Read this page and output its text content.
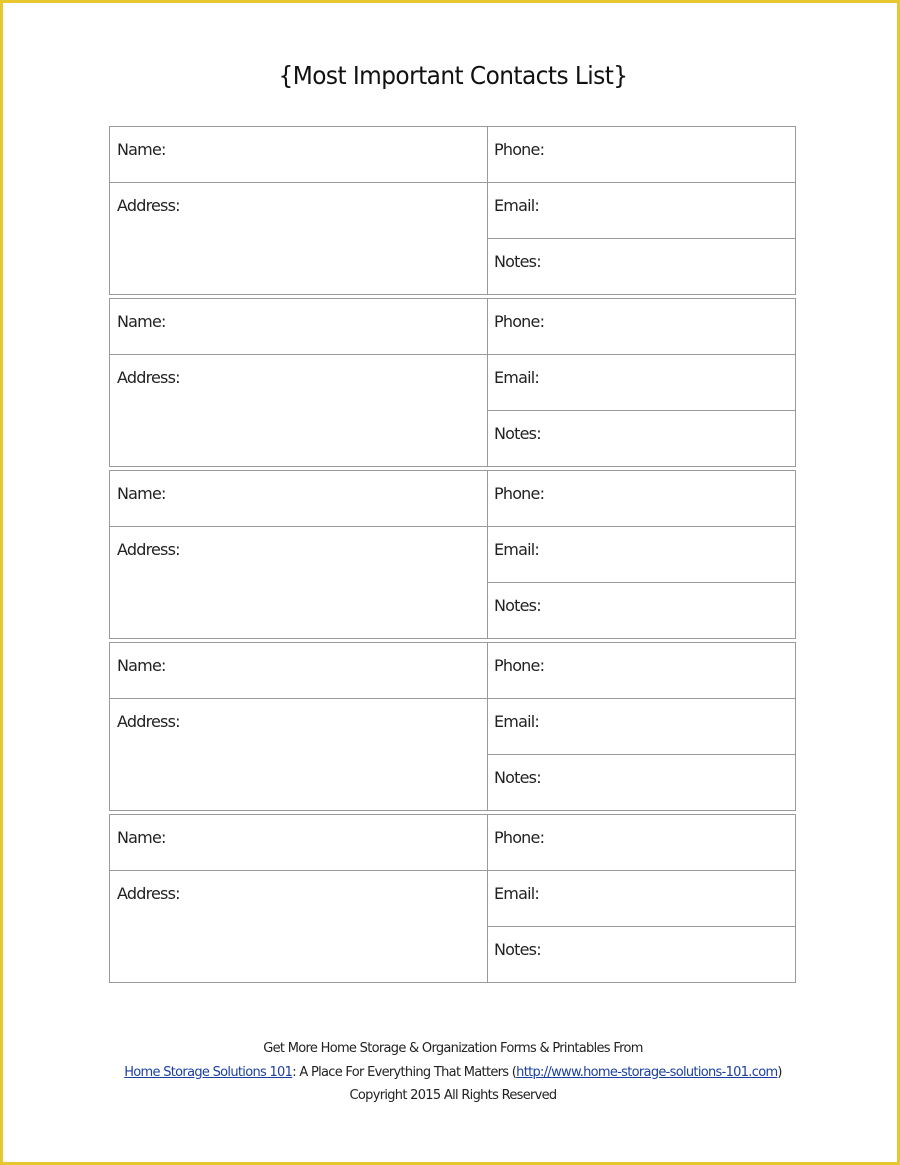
{Most Important Contacts List}
Name:	Phone:
Address:	Email:
Notes:
Name:	Phone:
Address:	Email:
Notes:
Name:	Phone:
Address:	Email:
Notes:
Name:	Phone:
Address:	Email:
Notes:
Name:	Phone:
Address:	Email:
Notes:
Get More Home Storage & Organization Forms & Printables From
Home Storage Solutions 101: A Place For Everything That Matters (http://www.home-storage-solutions-101.com)
Copyright 2015 All Rights Reserved
